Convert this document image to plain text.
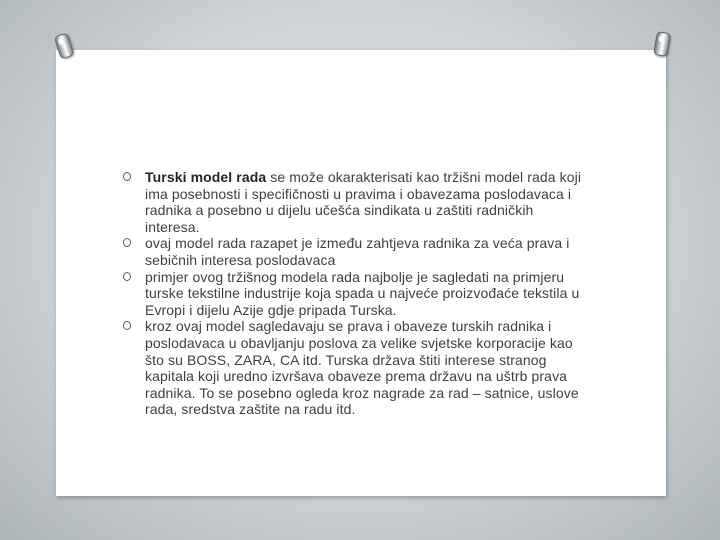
Turski model rada se može okarakterisati kao tržišni model rada koji ima posebnosti i specifičnosti u pravima i obavezama poslodavaca i radnika a posebno u dijelu učešća sindikata u zaštiti radničkih interesa.
ovaj model rada razapet je između zahtjeva radnika za veća prava i sebičnih interesa poslodavaca
primjer ovog tržišnog modela rada najbolje je sagledati na primjeru turske tekstilne industrije koja spada u najveće proizvođaće tekstila u Evropi i dijelu Azije gdje pripada Turska.
kroz ovaj model sagledavaju se prava i obaveze turskih radnika i poslodavaca u obavljanju poslova za velike svjetske korporacije kao što su BOSS, ZARA, CA itd. Turska država štiti interese stranog kapitala koji uredno izvršava obaveze prema državu na uštrb prava radnika. To se posebno ogleda kroz nagrade za rad – satnice, uslove rada, sredstva zaštite na radu itd.
